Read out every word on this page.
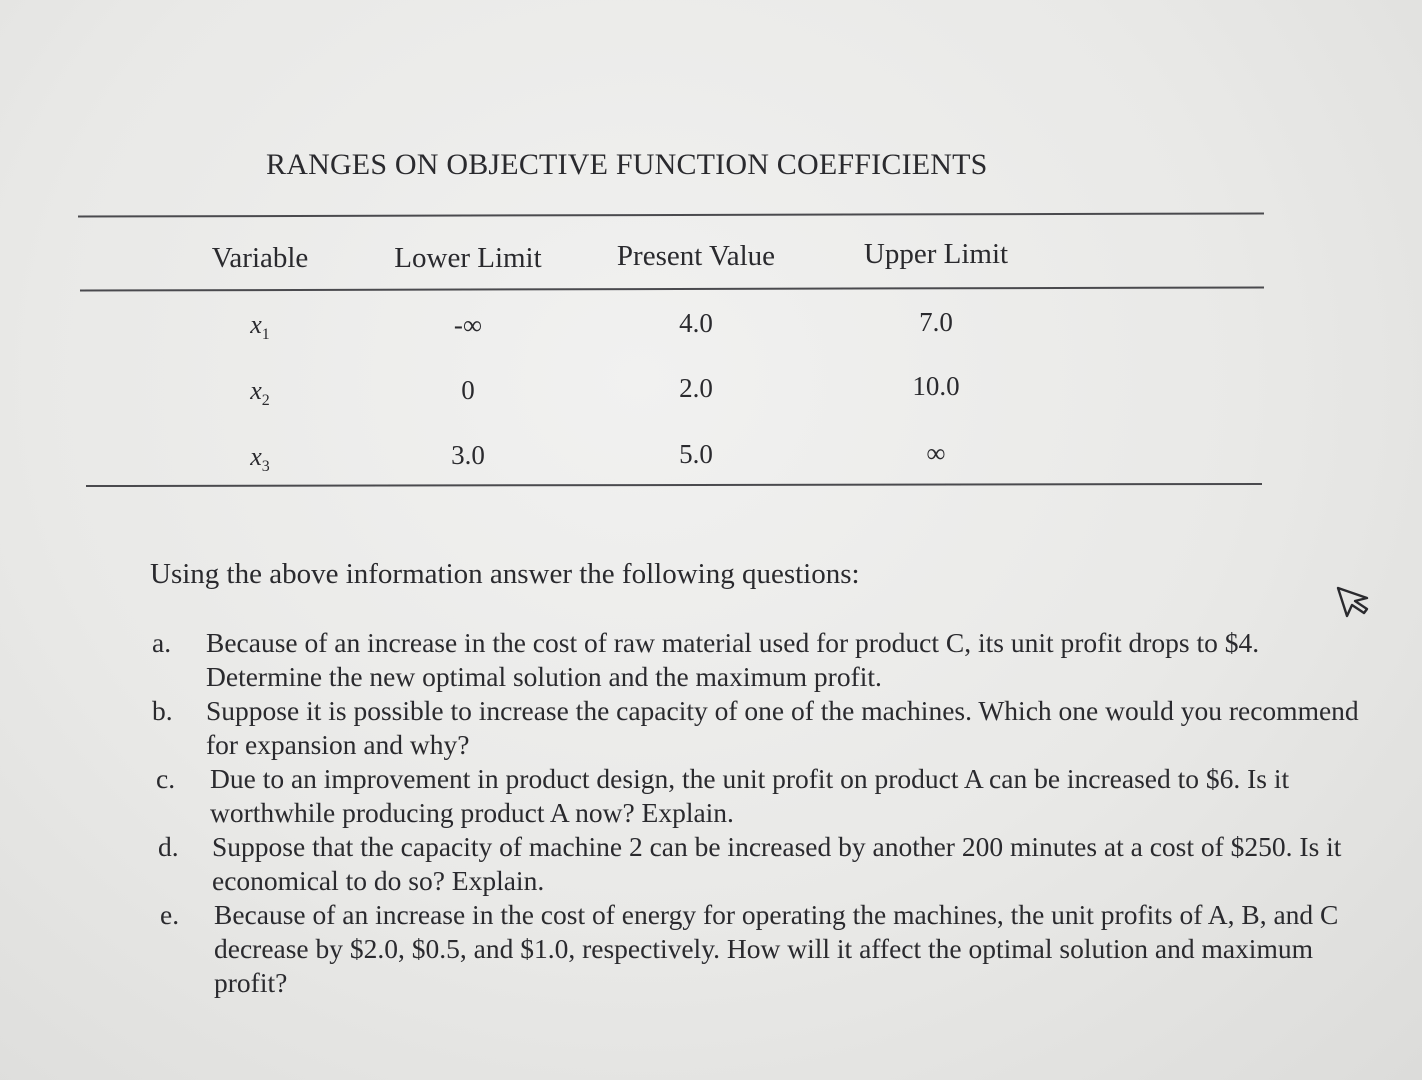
RANGES ON OBJECTIVE FUNCTION COEFFICIENTS
Variable	Lower Limit	Present Value	Upper Limit
$x_1$	-∞	4.0	7.0
$x_2$	0	2.0	10.0
$x_3$	3.0	5.0	∞
Using the above information answer the following questions:
a.	Because of an increase in the cost of raw material used for product C, its unit profit drops to $4. Determine the new optimal solution and the maximum profit.
b.	Suppose it is possible to increase the capacity of one of the machines. Which one would you recommend for expansion and why?
c.	Due to an improvement in product design, the unit profit on product A can be increased to $6. Is it worthwhile producing product A now? Explain.
d.	Suppose that the capacity of machine 2 can be increased by another 200 minutes at a cost of $250. Is it economical to do so? Explain.
e.	Because of an increase in the cost of energy for operating the machines, the unit profits of A, B, and C decrease by $2.0, $0.5, and $1.0, respectively. How will it affect the optimal solution and maximum profit?
